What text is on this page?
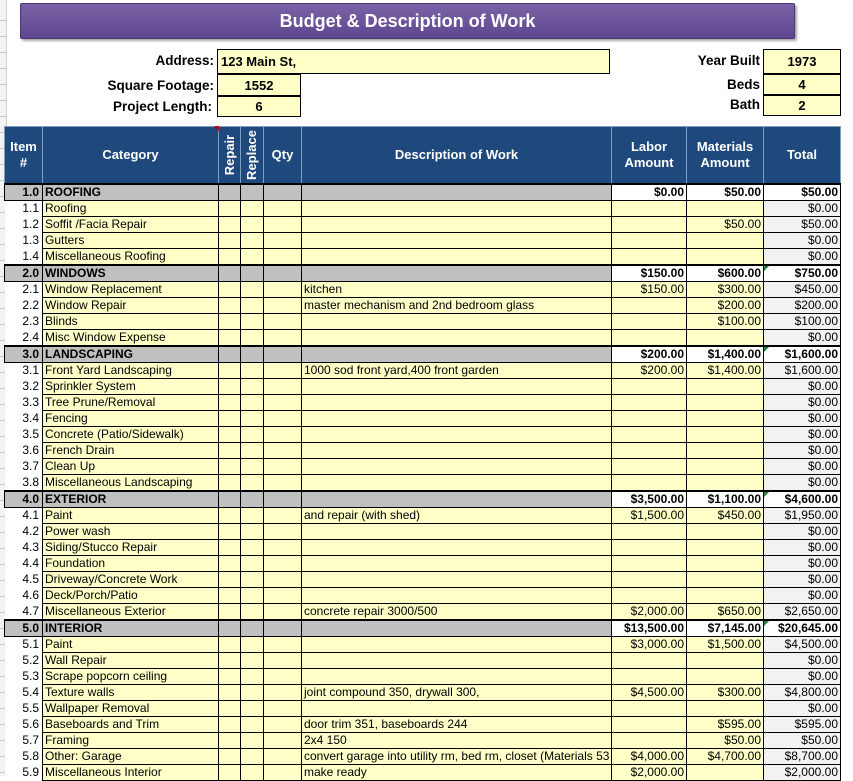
Budget & Description of Work
Address: 123 Main St,
Square Footage:	1552
Project Length:	6
Year Built	1973
Beds	4
Bath	2
Item #	Category	Repair	Replace	Qty	Description of Work	Labor Amount	Materials Amount	Total
1.0	ROOFING					$0.00	$50.00	$50.00
1.1	Roofing							$0.00
1.2	Soffit /Facia Repair						$50.00	$50.00
1.3	Gutters							$0.00
1.4	Miscellaneous Roofing							$0.00
2.0	WINDOWS					$150.00	$600.00	$750.00

2.1	Window Replacement				kitchen	$150.00	$300.00	$450.00
2.2	Window Repair				master mechanism and 2nd bedroom glass		$200.00	$200.00
2.3	Blinds						$100.00	$100.00
2.4	Misc Window Expense							$0.00
3.0	LANDSCAPING					$200.00	$1,400.00	$1,600.00

3.1	Front Yard Landscaping				1000 sod front yard,400 front garden	$200.00	$1,400.00	$1,600.00
3.2	Sprinkler System							$0.00
3.3	Tree Prune/Removal							$0.00
3.4	Fencing							$0.00
3.5	Concrete (Patio/Sidewalk)							$0.00
3.6	French Drain							$0.00
3.7	Clean Up							$0.00
3.8	Miscellaneous Landscaping							$0.00
4.0	EXTERIOR					$3,500.00	$1,100.00	$4,600.00

4.1	Paint				and repair (with shed)	$1,500.00	$450.00	$1,950.00
4.2	Power wash							$0.00
4.3	Siding/Stucco Repair							$0.00
4.4	Foundation							$0.00
4.5	Driveway/Concrete Work							$0.00
4.6	Deck/Porch/Patio							$0.00
4.7	Miscellaneous Exterior				concrete repair 3000/500	$2,000.00	$650.00	$2,650.00
5.0	INTERIOR					$13,500.00	$7,145.00	$20,645.00

5.1	Paint					$3,000.00	$1,500.00	$4,500.00
5.2	Wall Repair							$0.00
5.3	Scrape popcorn ceiling							$0.00
5.4	Texture walls				joint compound 350, drywall 300,	$4,500.00	$300.00	$4,800.00
5.5	Wallpaper Removal							$0.00
5.6	Baseboards and Trim				door trim 351, baseboards 244		$595.00	$595.00
5.7	Framing				2x4 150		$50.00	$50.00
5.8	Other: Garage				convert garage into utility rm, bed rm, closet (Materials 53	$4,000.00	$4,700.00	$8,700.00
5.9	Miscellaneous Interior				make ready	$2,000.00		$2,000.00
